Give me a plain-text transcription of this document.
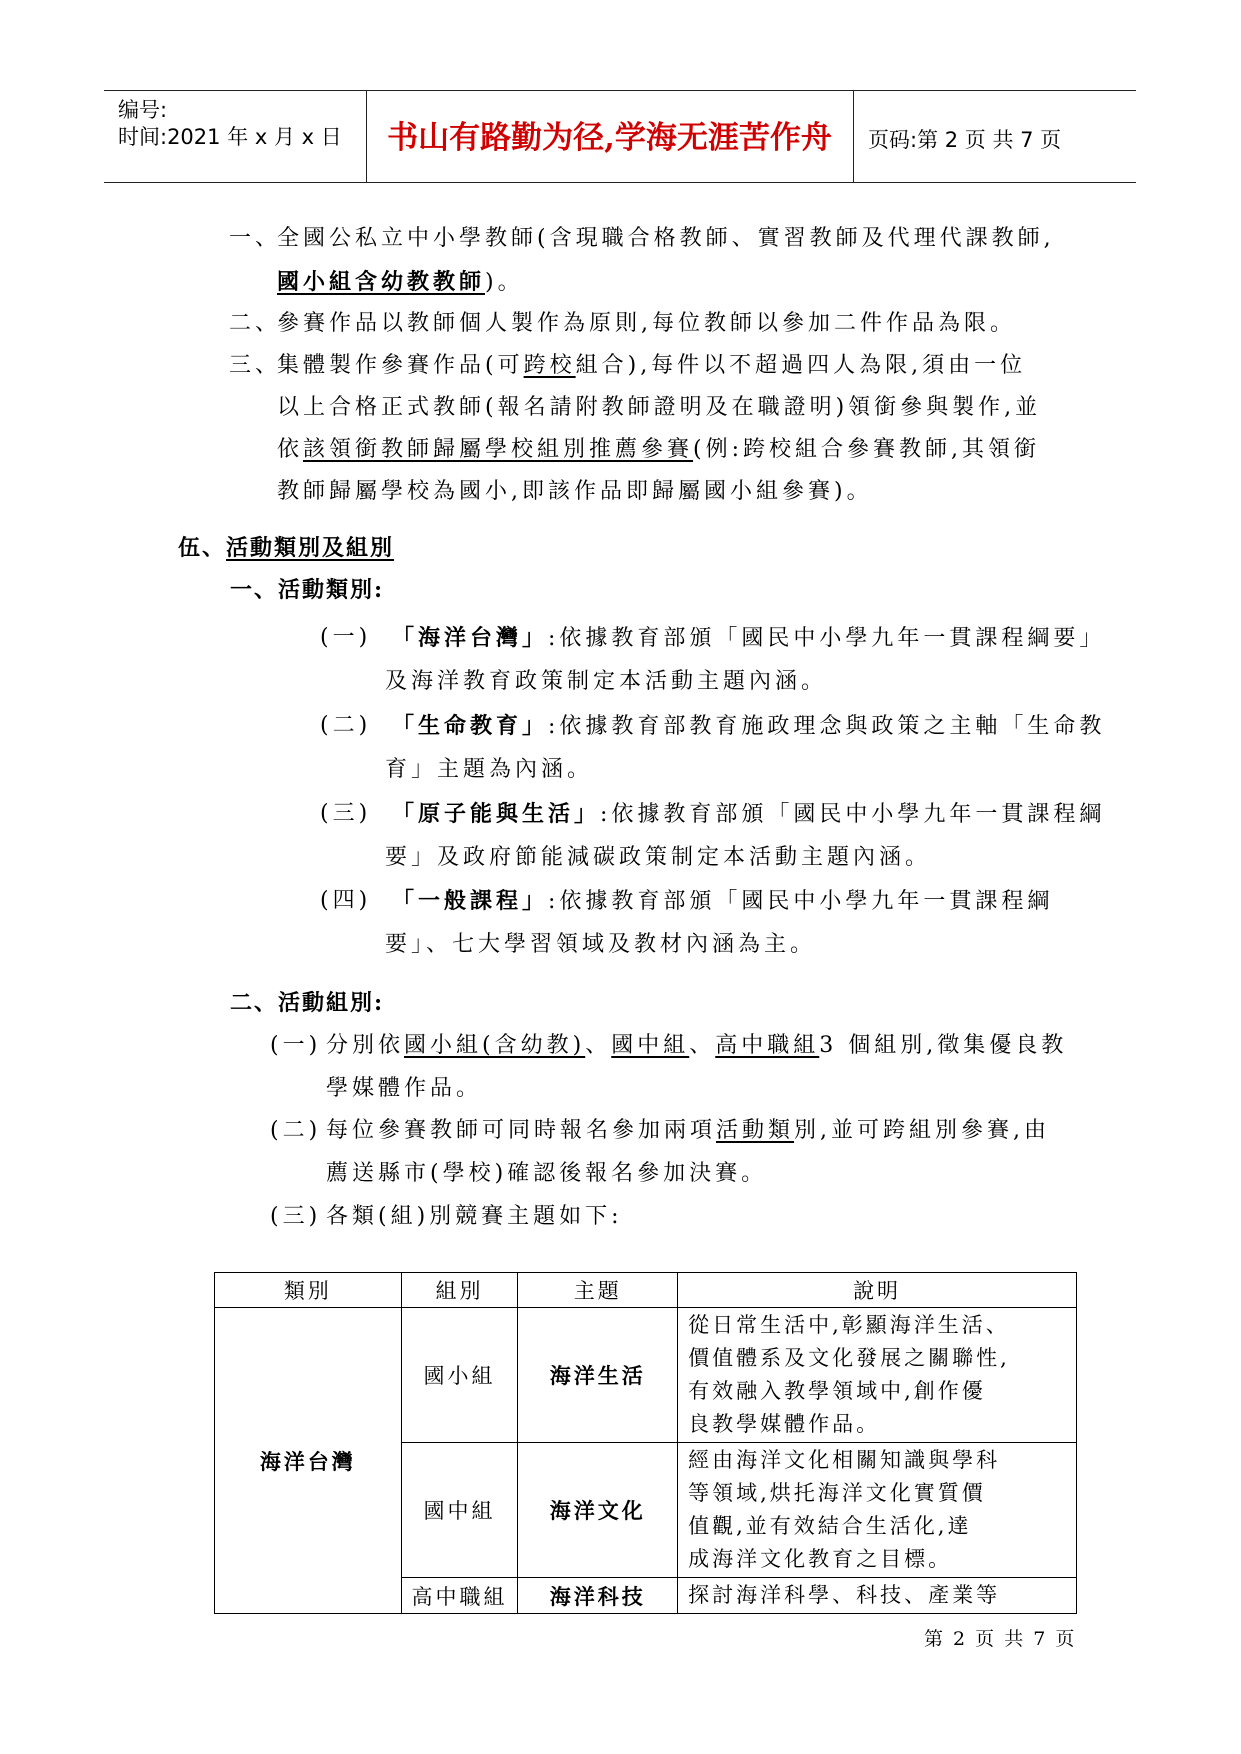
编号:
时间:2021 年 x 月 x 日	书山有路勤为径,学海无涯苦作舟	页码:第 2 页 共 7 页
一、
全國公私立中小學教師(含現職合格教師、實習教師及代理代課教師,
國小組含幼教教師)。
二、
參賽作品以教師個人製作為原則,每位教師以參加二件作品為限。
三、
集體製作參賽作品(可跨校組合),每件以不超過四人為限,須由一位
以上合格正式教師(報名請附教師證明及在職證明)領銜參與製作,並
依該領銜教師歸屬學校組別推薦參賽(例:跨校組合參賽教師,其領銜
教師歸屬學校為國小,即該作品即歸屬國小組參賽)。
伍、活動類別及組別
一、活動類別:
(一) 「海洋台灣」:依據教育部頒「國民中小學九年一貫課程綱要」
及海洋教育政策制定本活動主題內涵。
(二) 「生命教育」:依據教育部教育施政理念與政策之主軸「生命教
育」主題為內涵。
(三) 「原子能與生活」:依據教育部頒「國民中小學九年一貫課程綱
要」及政府節能減碳政策制定本活動主題內涵。
(四) 「一般課程」:依據教育部頒「國民中小學九年一貫課程綱
要」、七大學習領域及教材內涵為主。
二、活動組別:
(一) 分別依國小組(含幼教)、國中組、高中職組3 個組別,徵集優良教
學媒體作品。
(二) 每位參賽教師可同時報名參加兩項活動類別,並可跨組別參賽,由
薦送縣市(學校)確認後報名參加決賽。
(三) 各類(組)別競賽主題如下:
類別	組別	主題	說明
海洋台灣	國小組	海洋生活	從日常生活中,彰顯海洋生活、
價值體系及文化發展之關聯性,
有效融入教學領域中,創作優
良教學媒體作品。

	國中組	海洋文化	經由海洋文化相關知識與學科
等領域,烘托海洋文化實質價
值觀,並有效結合生活化,達
成海洋文化教育之目標。

	高中職組	海洋科技	探討海洋科學、科技、產業等
第 2 页 共 7 页
